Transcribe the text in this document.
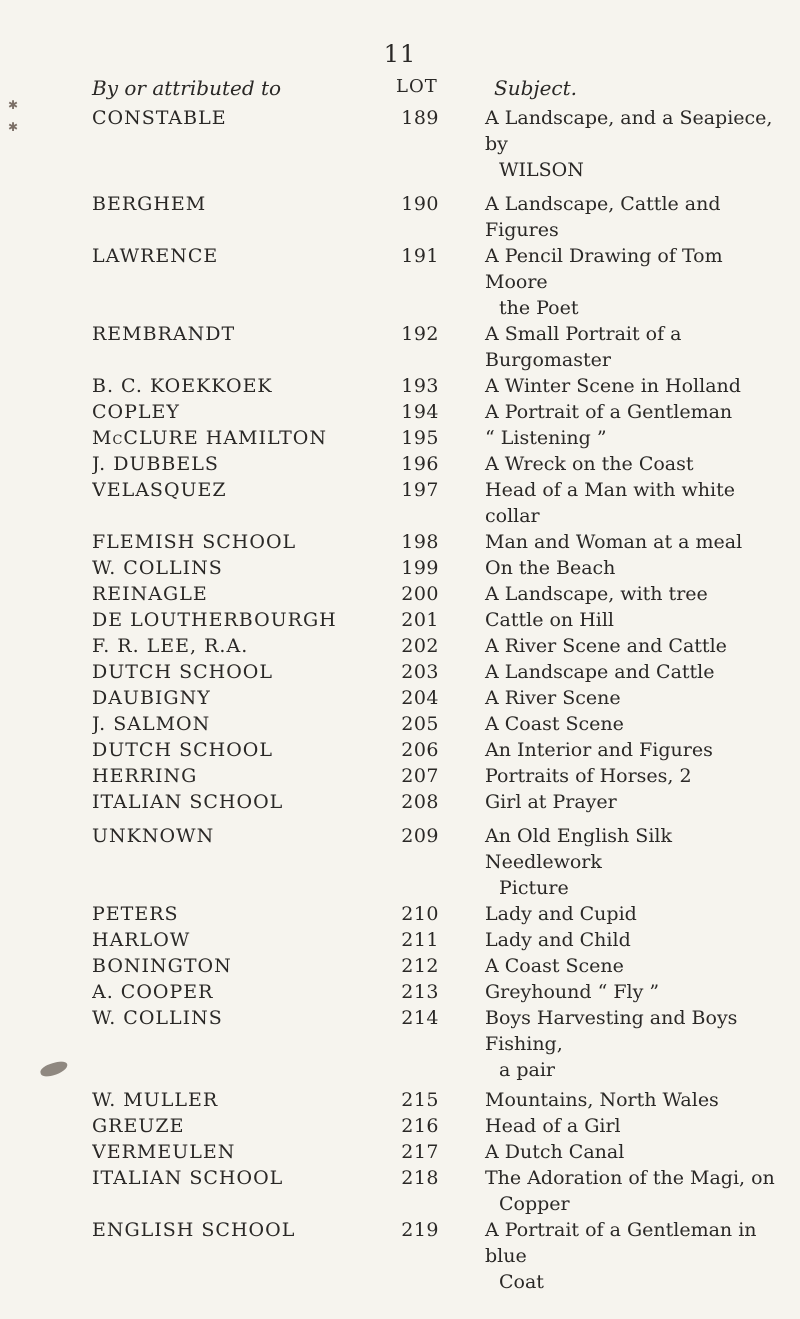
11
By or attributed to	LOT	Subject.
✱
✱	CONSTABLE	189 A Landscape, and a Seapiece, by
WILSON
BERGHEM	190 A Landscape, Cattle and Figures
LAWRENCE	191 A Pencil Drawing of Tom Moore
the Poet
REMBRANDT	192 A Small Portrait of a Burgomaster
B. C. KOEKKOEK	193 A Winter Scene in Holland
COPLEY	194 A Portrait of a Gentleman
McCLURE HAMILTON	195 “ Listening ”
J. DUBBELS	196 A Wreck on the Coast
VELASQUEZ	197 Head of a Man with white collar
FLEMISH SCHOOL	198 Man and Woman at a meal
W. COLLINS	199 On the Beach
REINAGLE	200 A Landscape, with tree
DE LOUTHERBOURGH	201 Cattle on Hill
F. R. LEE, R.A.	202 A River Scene and Cattle
DUTCH SCHOOL	203 A Landscape and Cattle
DAUBIGNY	204 A River Scene
J. SALMON	205 A Coast Scene
DUTCH SCHOOL	206 An Interior and Figures
HERRING	207 Portraits of Horses, 2
ITALIAN SCHOOL	208 Girl at Prayer
UNKNOWN	209 An Old English Silk Needlework
Picture
PETERS	210 Lady and Cupid
HARLOW	211 Lady and Child
BONINGTON	212 A Coast Scene
A. COOPER	213 Greyhound “ Fly ”
W. COLLINS	214 Boys Harvesting and Boys Fishing,
a pair
W. MULLER	215 Mountains, North Wales
GREUZE	216 Head of a Girl
VERMEULEN	217 A Dutch Canal
ITALIAN SCHOOL	218 The Adoration of the Magi, on
Copper
ENGLISH SCHOOL	219 A Portrait of a Gentleman in blue
Coat
